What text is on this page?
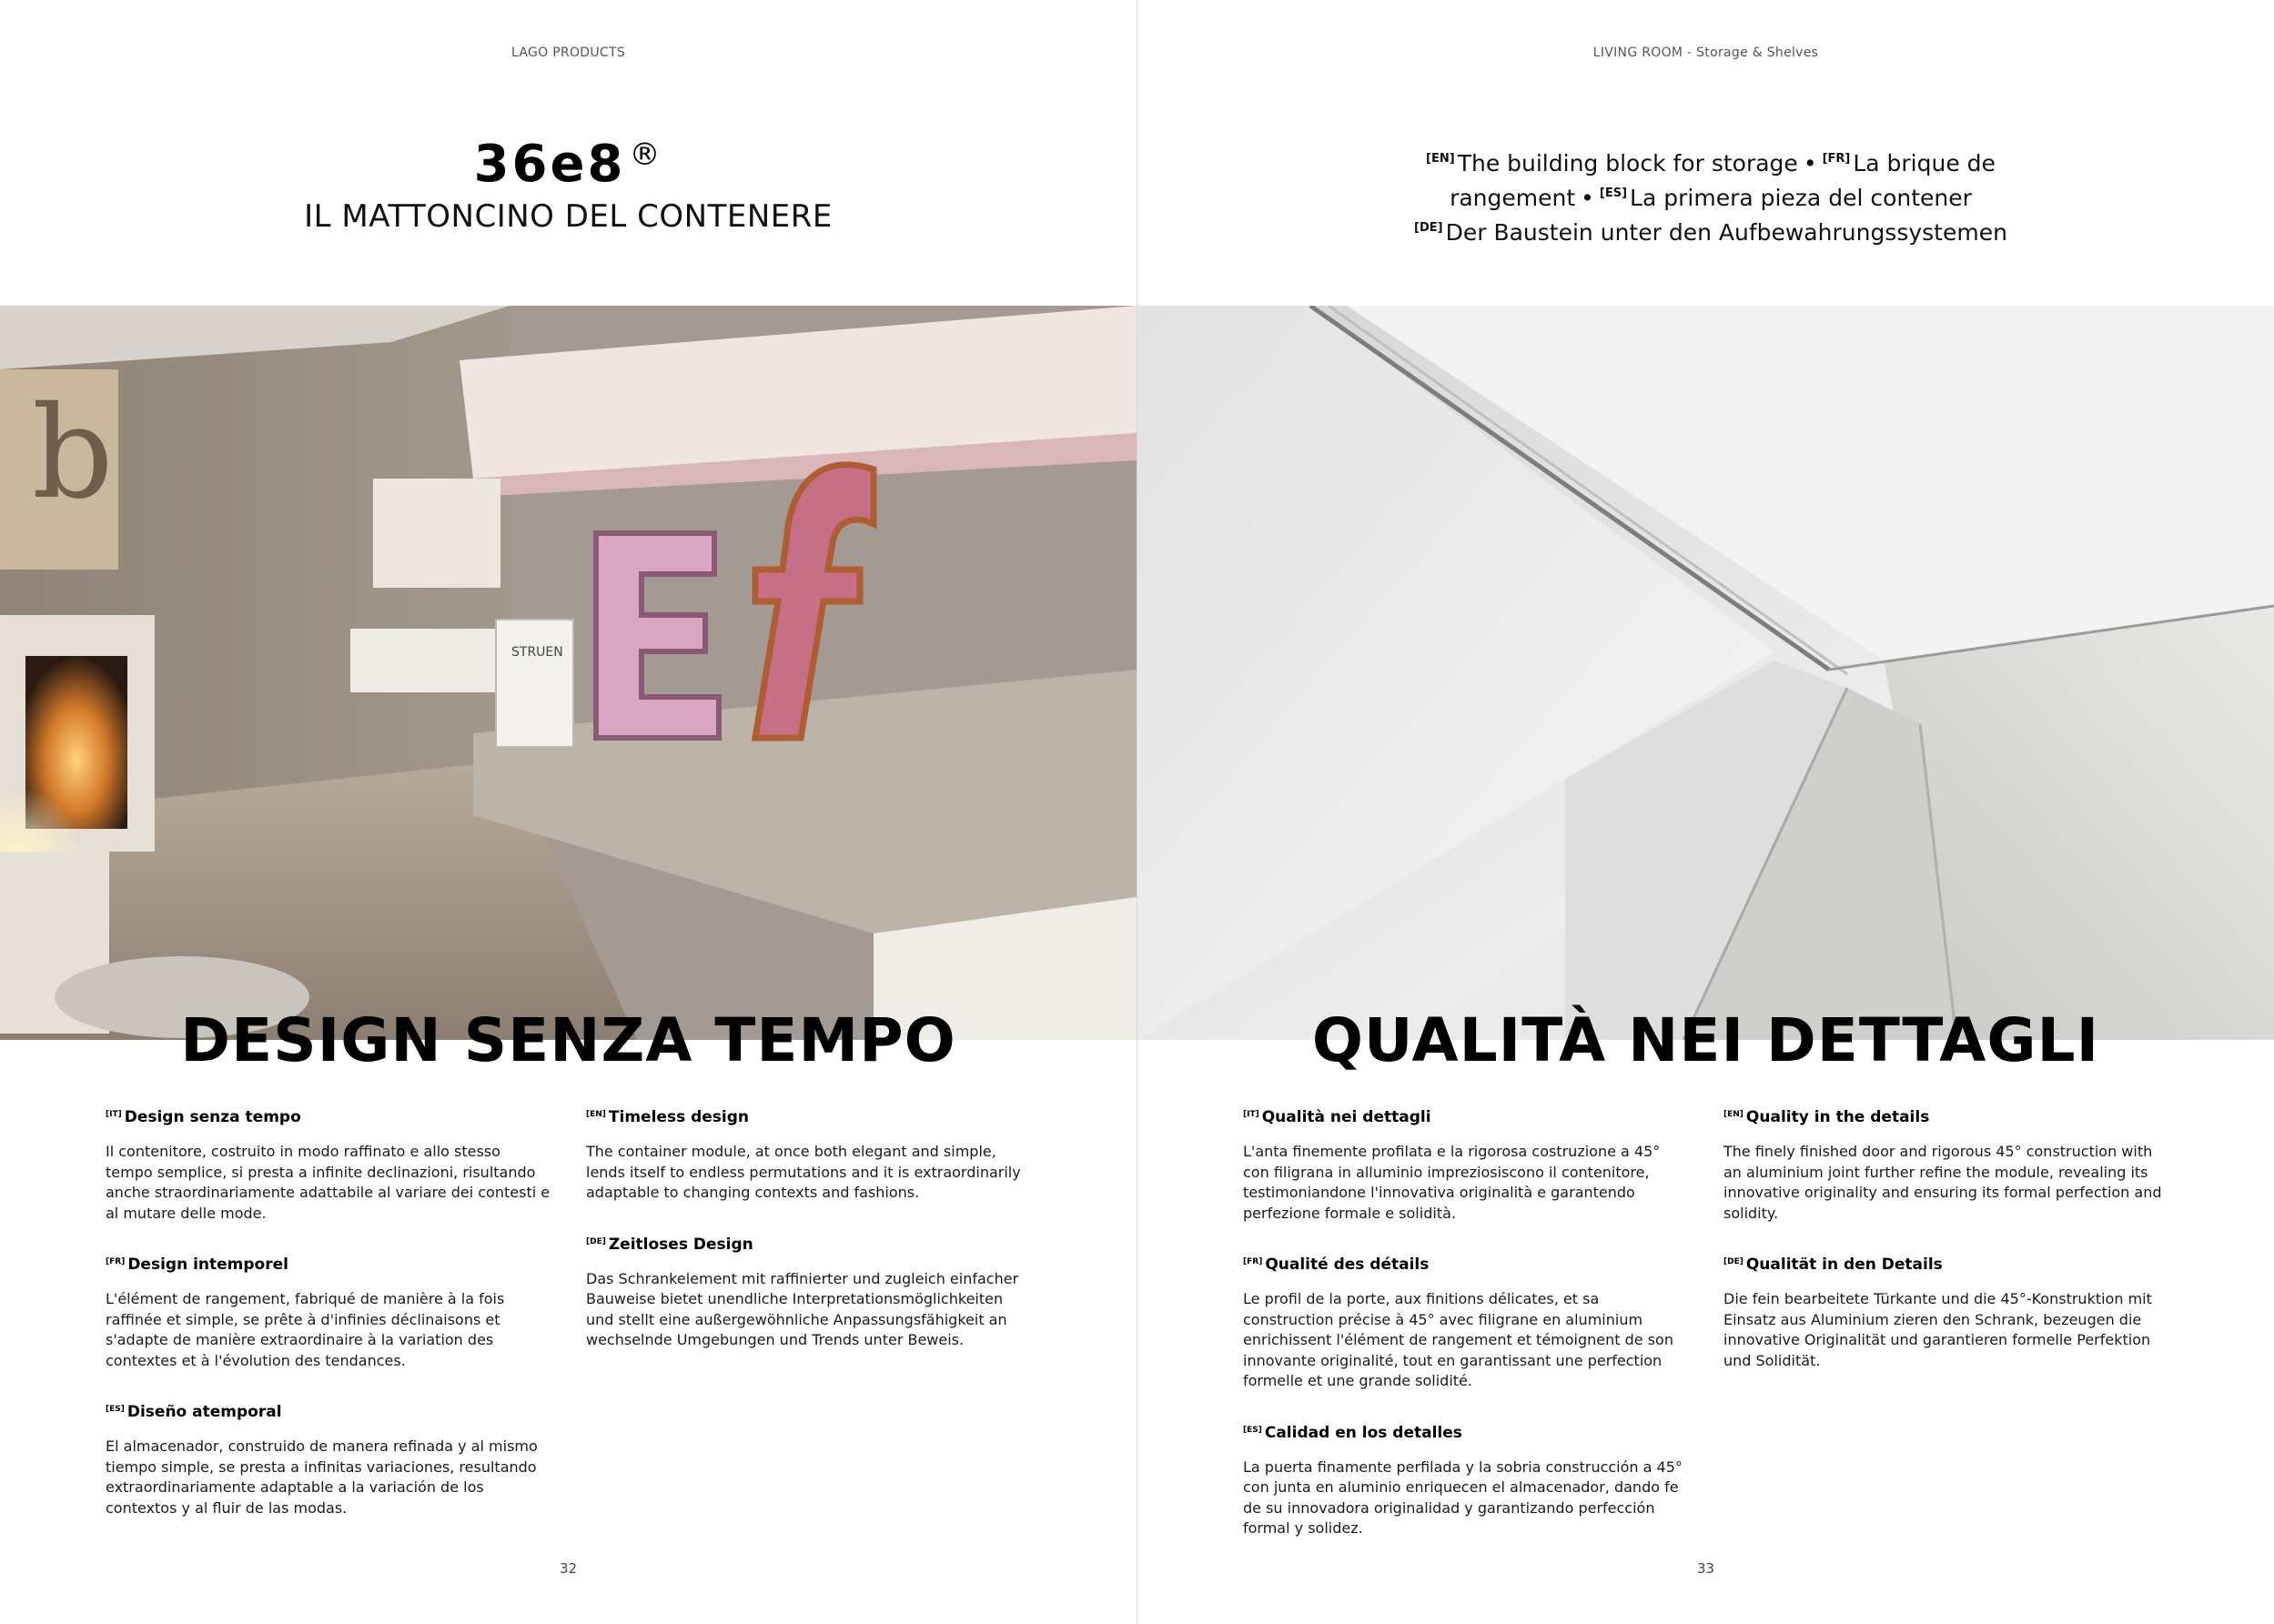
LAGO PRODUCTS
36e8 ®
IL MATTONCINO DEL CONTENERE
b
STRUEN
DESIGN SENZA TEMPO
[IT] Design senza tempo

Il contenitore, costruito in modo raffinato e allo stesso tempo semplice, si presta a infinite declinazioni, risultando anche straordinariamente adattabile al variare dei contesti e al mutare delle mode.

[FR] Design intemporel

L'élément de rangement, fabriqué de manière à la fois raffinée et simple, se prête à d'infinies déclinaisons et s'adapte de manière extraordinaire à la variation des contextes et à l'évolution des tendances.

[ES] Diseño atemporal

El almacenador, construido de manera refinada y al mismo tiempo simple, se presta a infinitas variaciones, resultando extraordinariamente adaptable a la variación de los contextos y al fluir de las modas.

[EN] Timeless design

The container module, at once both elegant and simple, lends itself to endless permutations and it is extraordinarily adaptable to changing contexts and fashions.

[DE] Zeitloses Design

Das Schrankelement mit raffinierter und zugleich einfacher Bauweise bietet unendliche Interpretationsmöglichkeiten und stellt eine außergewöhnliche Anpassungsfähigkeit an wechselnde Umgebungen und Trends unter Beweis.

32
LIVING ROOM - Storage & Shelves
[EN] The building block for storage • [FR] La brique de rangement • [ES] La primera pieza del contener
[DE] Der Baustein unter den Aufbewahrungssystemen
QUALITÀ NEI DETTAGLI
[IT] Qualità nei dettagli

L'anta finemente profilata e la rigorosa costruzione a 45° con filigrana in alluminio impreziosiscono il contenitore, testimoniandone l'innovativa originalità e garantendo perfezione formale e solidità.

[FR] Qualité des détails

Le profil de la porte, aux finitions délicates, et sa construction précise à 45° avec filigrane en aluminium enrichissent l'élément de rangement et témoignent de son innovante originalité, tout en garantissant une perfection formelle et une grande solidité.

[ES] Calidad en los detalles

La puerta finamente perfilada y la sobria construcción a 45° con junta en aluminio enriquecen el almacenador, dando fe de su innovadora originalidad y garantizando perfección formal y solidez.

[EN] Quality in the details

The finely finished door and rigorous 45° construction with an aluminium joint further refine the module, revealing its innovative originality and ensuring its formal perfection and solidity.

[DE] Qualität in den Details

Die fein bearbeitete Türkante und die 45°-Konstruktion mit Einsatz aus Aluminium zieren den Schrank, bezeugen die innovative Originalität und garantieren formelle Perfektion und Solidität.

33
